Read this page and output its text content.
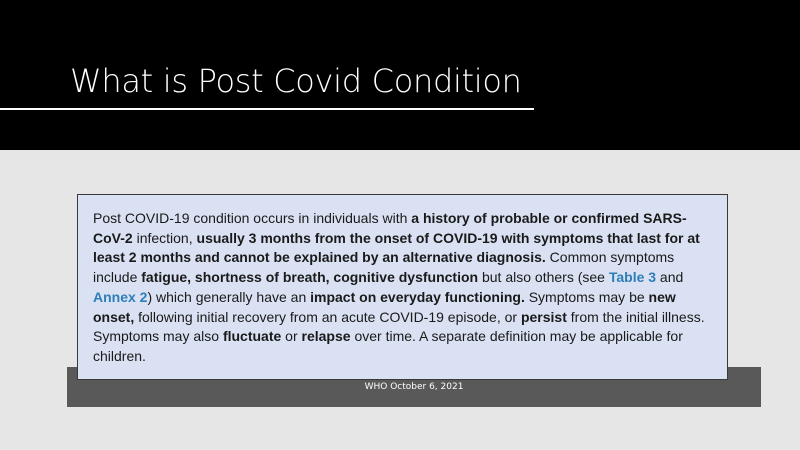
What is Post Covid Condition
WHO October 6, 2021
Post COVID-19 condition occurs in individuals with a history of probable or confirmed SARS-CoV-2 infection, usually 3 months from the onset of COVID-19 with symptoms that last for at least 2 months and cannot be explained by an alternative diagnosis. Common symptoms include fatigue, shortness of breath, cognitive dysfunction but also others (see Table 3 and Annex 2) which generally have an impact on everyday functioning. Symptoms may be new onset, following initial recovery from an acute COVID-19 episode, or persist from the initial illness. Symptoms may also fluctuate or relapse over time. A separate definition may be applicable for children.
